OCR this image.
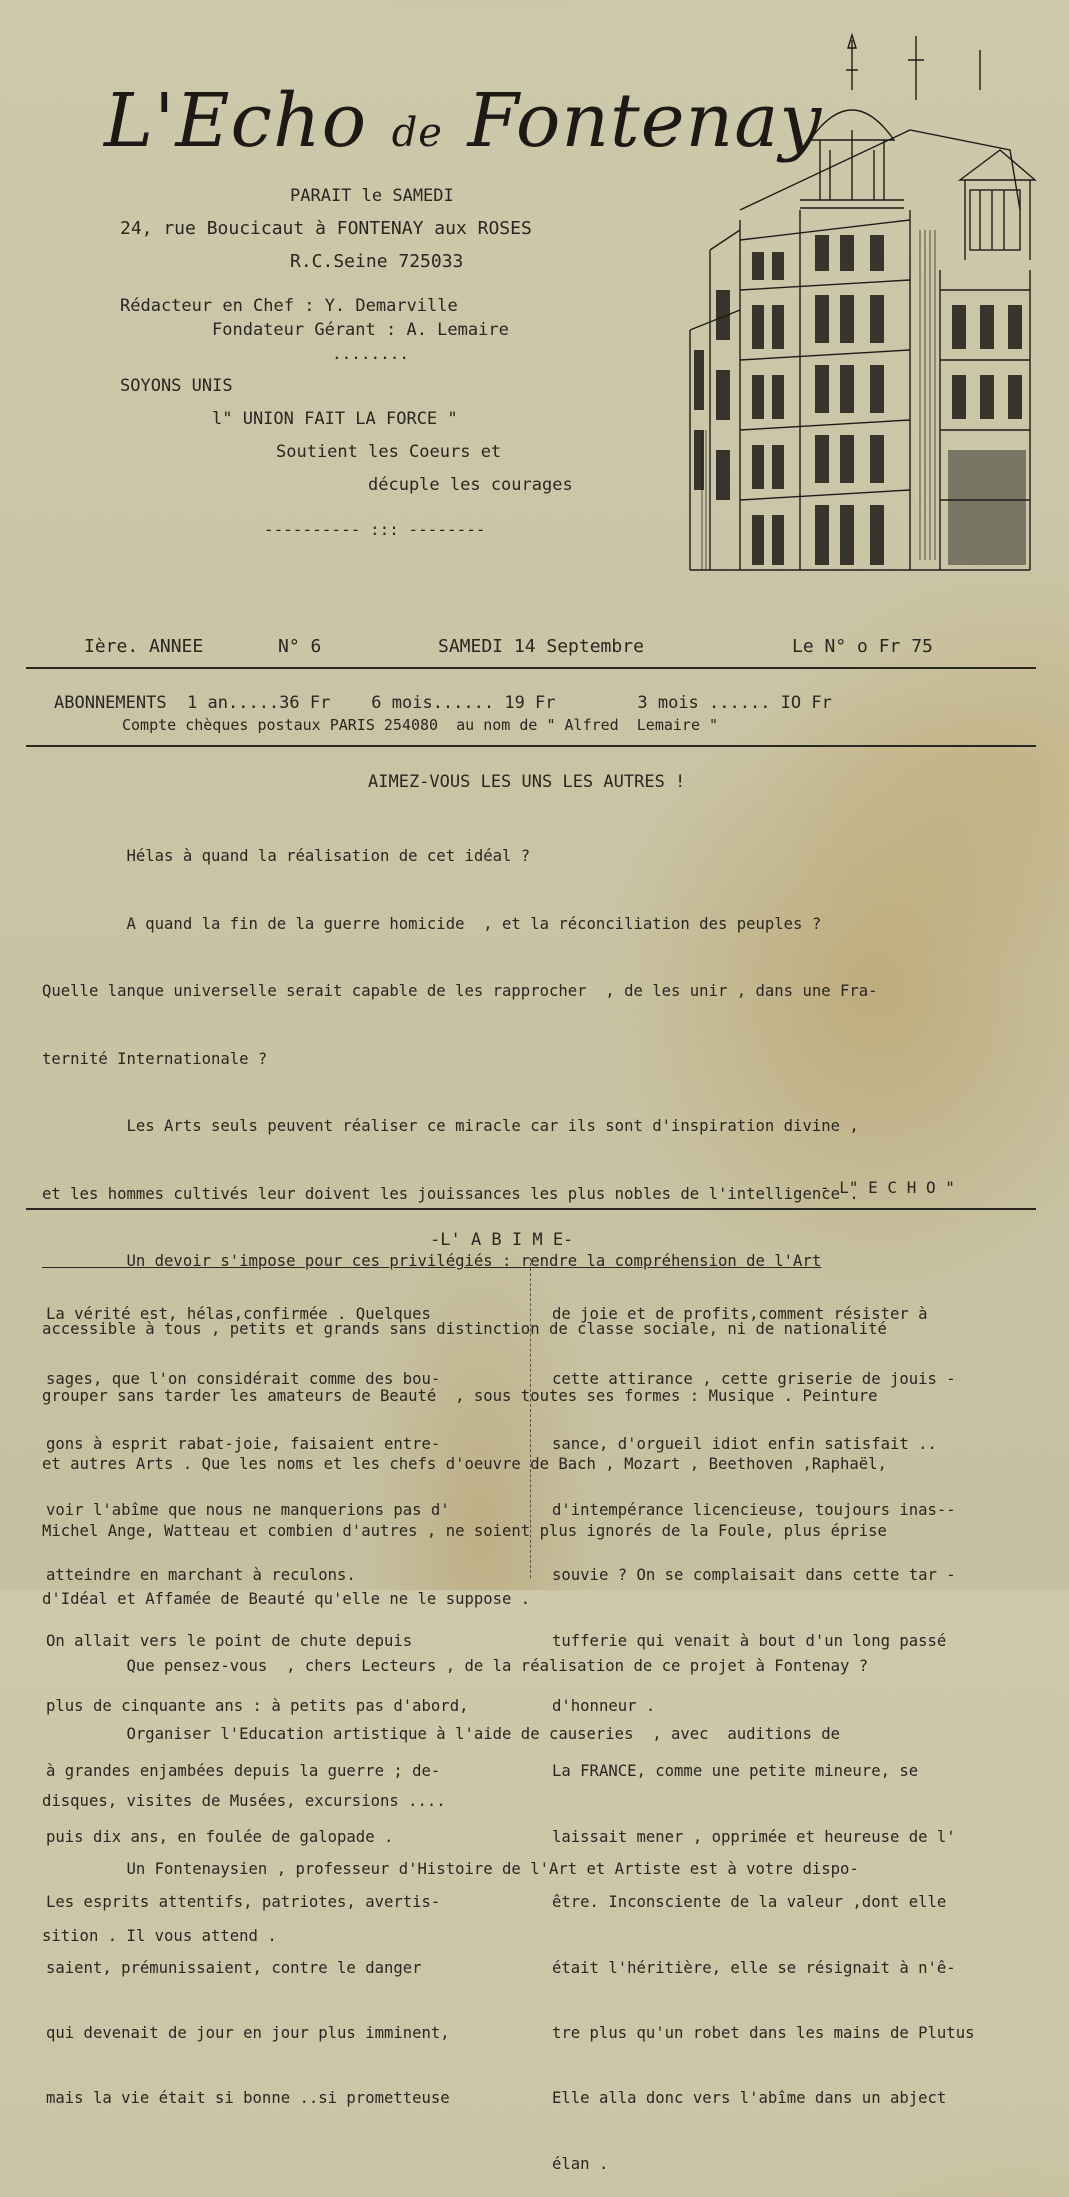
L'Echo de Fontenay
PARAIT le SAMEDI
24, rue Boucicaut à FONTENAY aux ROSES
R.C.Seine 725033
Rédacteur en Chef : Y. Demarville
Fondateur Gérant : A. Lemaire
........
SOYONS UNIS
l" UNION FAIT LA FORCE "
Soutient les Coeurs et
décuple les courages
---------- ::: --------
Ière. ANNEE	N° 6	SAMEDI 14 Septembre	Le N° o Fr 75
ABONNEMENTS  1 an.....36 Fr    6 mois...... 19 Fr        3 mois ...... IO Fr
Compte chèques postaux PARIS 254080  au nom de " Alfred  Lemaire "
AIMEZ-VOUS LES UNS LES AUTRES !

Hélas à quand la réalisation de cet idéal ?

A quand la fin de la guerre homicide  , et la réconciliation des peuples ?

Quelle lanque universelle serait capable de les rapprocher  , de les unir , dans une Fra-

ternité Internationale ?

Les Arts seuls peuvent réaliser ce miracle car ils sont d'inspiration divine ,

et les hommes cultivés leur doivent les jouissances les plus nobles de l'intelligence .

Un devoir s'impose pour ces privilégiés : rendre la compréhension de l'Art

accessible à tous , petits et grands sans distinction de classe sociale, ni de nationalité

grouper sans tarder les amateurs de Beauté  , sous toutes ses formes : Musique . Peinture

et autres Arts . Que les noms et les chefs d'oeuvre de Bach , Mozart , Beethoven ,Raphaël,

Michel Ange, Watteau et combien d'autres , ne soient plus ignorés de la Foule, plus éprise

d'Idéal et Affamée de Beauté qu'elle ne le suppose .

Que pensez-vous  , chers Lecteurs , de la réalisation de ce projet à Fontenay ?

Organiser l'Education artistique à l'aide de causeries  , avec  auditions de

disques, visites de Musées, excursions ....

Un Fontenaysien , professeur d'Histoire de l'Art et Artiste est à votre dispo-

sition . Il vous attend .

- L" E C H O "
-L' A B I M E-

La vérité est, hélas,confirmée . Quelques

sages, que l'on considérait comme des bou-

gons à esprit rabat-joie, faisaient entre-

voir l'abîme que nous ne manquerions pas d'

atteindre en marchant à reculons.

On allait vers le point de chute depuis

plus de cinquante ans : à petits pas d'abord,

à grandes enjambées depuis la guerre ; de-

puis dix ans, en foulée de galopade .

Les esprits attentifs, patriotes, avertis-

saient, prémunissaient, contre le danger

qui devenait de jour en jour plus imminent,

mais la vie était si bonne ..si prometteuse

de joie et de profits,comment résister à

cette attirance , cette griserie de jouis -

sance, d'orgueil idiot enfin satisfait ..

d'intempérance licencieuse, toujours inas--

souvie ? On se complaisait dans cette tar -

tufferie qui venait à bout d'un long passé

d'honneur .

La FRANCE, comme une petite mineure, se

laissait mener , opprimée et heureuse de l'

être. Inconsciente de la valeur ,dont elle

était l'héritière, elle se résignait à n'ê-

tre plus qu'un robet dans les mains de Plutus

Elle alla donc vers l'abîme dans un abject

élan .
